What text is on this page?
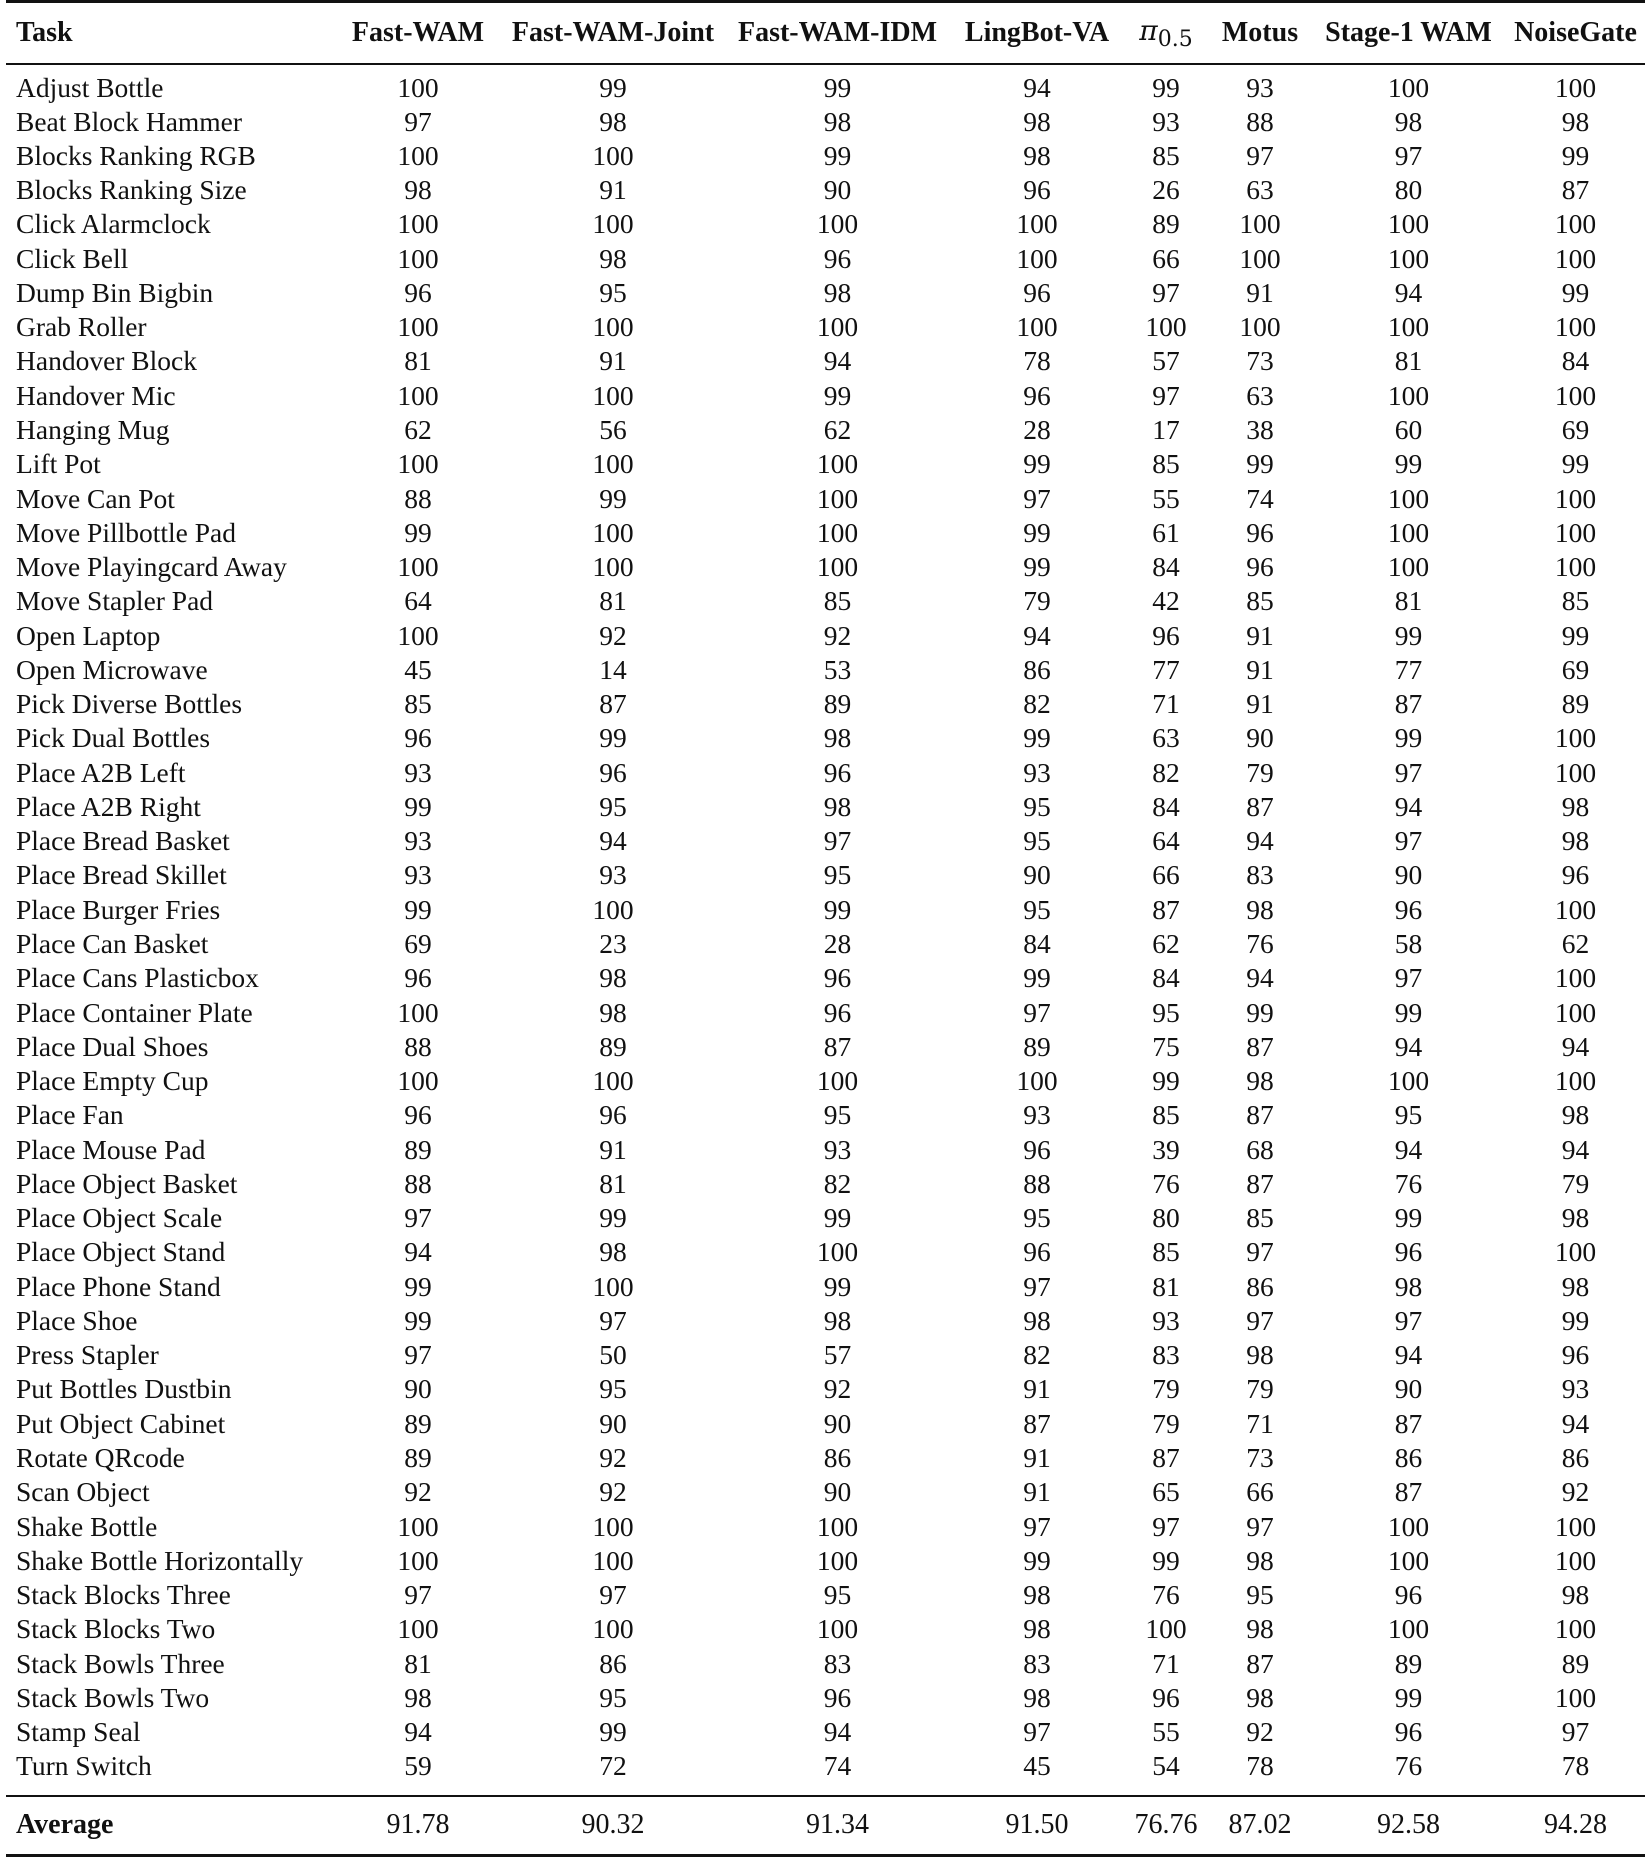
Task	Fast-WAM	Fast-WAM-Joint	Fast-WAM-IDM	LingBot-VA	$\pi_{0.5}$	Motus	Stage-1 WAM	NoiseGate
Adjust Bottle	100	99	99	94	99	93	100	100
Beat Block Hammer	97	98	98	98	93	88	98	98
Blocks Ranking RGB	100	100	99	98	85	97	97	99
Blocks Ranking Size	98	91	90	96	26	63	80	87
Click Alarmclock	100	100	100	100	89	100	100	100
Click Bell	100	98	96	100	66	100	100	100
Dump Bin Bigbin	96	95	98	96	97	91	94	99
Grab Roller	100	100	100	100	100	100	100	100
Handover Block	81	91	94	78	57	73	81	84
Handover Mic	100	100	99	96	97	63	100	100
Hanging Mug	62	56	62	28	17	38	60	69
Lift Pot	100	100	100	99	85	99	99	99
Move Can Pot	88	99	100	97	55	74	100	100
Move Pillbottle Pad	99	100	100	99	61	96	100	100
Move Playingcard Away	100	100	100	99	84	96	100	100
Move Stapler Pad	64	81	85	79	42	85	81	85
Open Laptop	100	92	92	94	96	91	99	99
Open Microwave	45	14	53	86	77	91	77	69
Pick Diverse Bottles	85	87	89	82	71	91	87	89
Pick Dual Bottles	96	99	98	99	63	90	99	100
Place A2B Left	93	96	96	93	82	79	97	100
Place A2B Right	99	95	98	95	84	87	94	98
Place Bread Basket	93	94	97	95	64	94	97	98
Place Bread Skillet	93	93	95	90	66	83	90	96
Place Burger Fries	99	100	99	95	87	98	96	100
Place Can Basket	69	23	28	84	62	76	58	62
Place Cans Plasticbox	96	98	96	99	84	94	97	100
Place Container Plate	100	98	96	97	95	99	99	100
Place Dual Shoes	88	89	87	89	75	87	94	94
Place Empty Cup	100	100	100	100	99	98	100	100
Place Fan	96	96	95	93	85	87	95	98
Place Mouse Pad	89	91	93	96	39	68	94	94
Place Object Basket	88	81	82	88	76	87	76	79
Place Object Scale	97	99	99	95	80	85	99	98
Place Object Stand	94	98	100	96	85	97	96	100
Place Phone Stand	99	100	99	97	81	86	98	98
Place Shoe	99	97	98	98	93	97	97	99
Press Stapler	97	50	57	82	83	98	94	96
Put Bottles Dustbin	90	95	92	91	79	79	90	93
Put Object Cabinet	89	90	90	87	79	71	87	94
Rotate QRcode	89	92	86	91	87	73	86	86
Scan Object	92	92	90	91	65	66	87	92
Shake Bottle	100	100	100	97	97	97	100	100
Shake Bottle Horizontally	100	100	100	99	99	98	100	100
Stack Blocks Three	97	97	95	98	76	95	96	98
Stack Blocks Two	100	100	100	98	100	98	100	100
Stack Bowls Three	81	86	83	83	71	87	89	89
Stack Bowls Two	98	95	96	98	96	98	99	100
Stamp Seal	94	99	94	97	55	92	96	97
Turn Switch	59	72	74	45	54	78	76	78

Average	91.78	90.32	91.34	91.50	76.76	87.02	92.58	94.28
